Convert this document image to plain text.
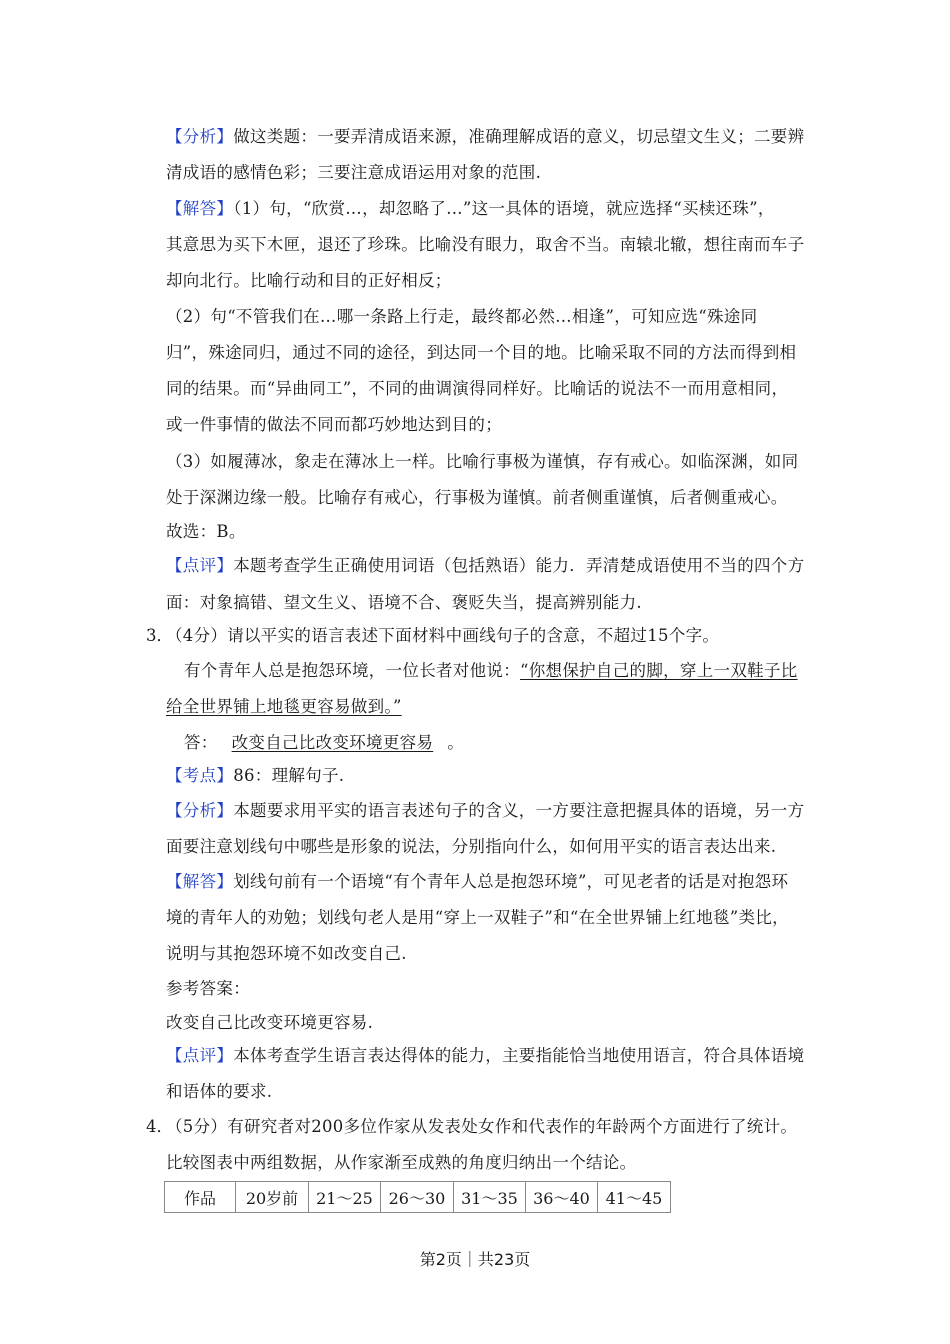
【分析】做这类题：一要弄清成语来源，准确理解成语的意义，切忌望文生义；二要辨
清成语的感情色彩；三要注意成语运用对象的范围.
【解答】（1）句，“欣赏…，却忽略了…”这一具体的语境，就应选择“买椟还珠”，
其意思为买下木匣，退还了珍珠。比喻没有眼力，取舍不当。南辕北辙，想往南而车子
却向北行。比喻行动和目的正好相反；
（2）句“不管我们在…哪一条路上行走，最终都必然…相逢”，可知应选“殊途同
归”，殊途同归，通过不同的途径，到达同一个目的地。比喻采取不同的方法而得到相
同的结果。而“异曲同工”，不同的曲调演得同样好。比喻话的说法不一而用意相同，
或一件事情的做法不同而都巧妙地达到目的；
（3）如履薄冰，象走在薄冰上一样。比喻行事极为谨慎，存有戒心。如临深渊，如同
处于深渊边缘一般。比喻存有戒心，行事极为谨慎。前者侧重谨慎，后者侧重戒心。
故选：B。
【点评】本题考查学生正确使用词语（包括熟语）能力．弄清楚成语使用不当的四个方
面：对象搞错、望文生义、语境不合、褒贬失当，提高辨别能力.
3．
（4分）请以平实的语言表述下面材料中画线句子的含意，不超过15个字。
有个青年人总是抱怨环境，一位长者对他说：“你想保护自己的脚，穿上一双鞋子比
给全世界铺上地毯更容易做到。”
答： 改变自己比改变环境更容易 。
【考点】86：理解句子.
【分析】本题要求用平实的语言表述句子的含义，一方要注意把握具体的语境，另一方
面要注意划线句中哪些是形象的说法，分别指向什么，如何用平实的语言表达出来.
【解答】划线句前有一个语境“有个青年人总是抱怨环境”，可见老者的话是对抱怨环
境的青年人的劝勉；划线句老人是用“穿上一双鞋子”和“在全世界铺上红地毯”类比，
说明与其抱怨环境不如改变自己.
参考答案：
改变自己比改变环境更容易.
【点评】本体考查学生语言表达得体的能力，主要指能恰当地使用语言，符合具体语境
和语体的要求.
4．
（5分）有研究者对200多位作家从发表处女作和代表作的年龄两个方面进行了统计。
比较图表中两组数据，从作家渐至成熟的角度归纳出一个结论。
作品	20岁前	21～25	26～30	31～35	36～40	41～45
第2页｜共23页
